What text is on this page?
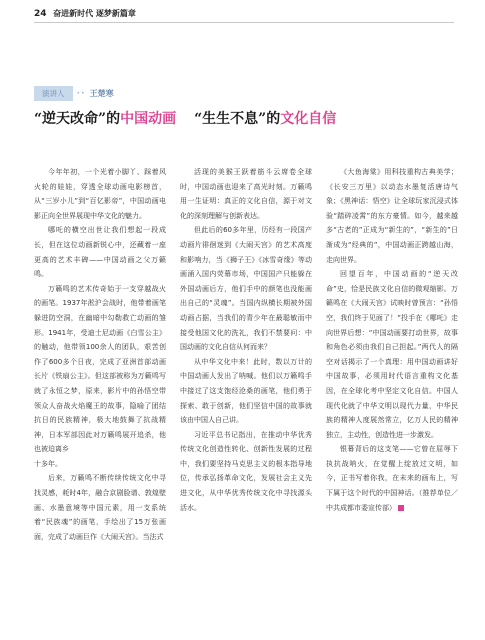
24 奋进新时代 逐梦新篇章
演讲人	•• 王楚寒
“逆天改命”的中国动画 “生生不息”的文化自信

今年年初，一个光着小脚丫、踩着风火轮的娃娃，穿透全球动画电影榜首，从“三岁小儿”到“百亿影帝”，中国动画电影正向全世界展现中华文化的魅力。

哪吒的横空出世让我们想起一段成长，但在这位动画新锐心中，还藏着一座更高的艺术丰碑——中国动画之父万籁鸣。

万籁鸣的艺术传奇始于一支穿越战火的画笔。1937年淞沪会战时，他带着画笔躲进防空洞，在幽暗中勾勒救亡动画的雏形。1941年，受迪士尼动画《白雪公主》的触动，他带领100余人的团队，艰苦创作了600多个日夜，完成了亚洲首部动画长片《铁扇公主》。但这部被称为万籁鸣写就了永恒之梦，原来，影片中的孙悟空带领众人奋战火焰魔王的故事，隐喻了团结抗日的民族精神，极大地鼓舞了抗战精神，日本军部因此对万籁鸣展开追杀，他也被迫离乡

十多年。

后来，万籁鸣不断传续传统文化中寻找灵感，耗时4年，融合京剧脸谱、敦煌壁画、水墨意境等中国元素，用一支系统着“民族魂”的画笔，手绘出了15万张画面，完成了动画巨作《大闹天宫》。当法式

活现的美猴王跃着筋斗云席卷全球时，中国动画也迎来了高光时刻。万籁鸣用一生证明：真正的文化自信，源于对文化的深刻理解与创新表达。

但此后的60多年里，历经有一段国产动画片徘徊迷到《大闹天宫》的艺术高度和影响力，当《狮子王》《冰雪奇缘》等动画涌入国内荧幕市场，中国国产只能躲在外国动画后方，他们手中的颜笔也没能画出自己的“灵魂”。当国内纵横长期被外国动画占据，当我们的青少年在最聪敏而中接受他国文化的洗礼，我们不禁要问：中国动画的文化自信从何而来？

从中华文化中来！此时，数以万计的中国动画人发出了呐喊。他们以万籁鸣手中接过了这支饱经沧桑的画笔，他们勇于探索、敢于创新，他们坚信中国的故事就该由中国人自己讲。

习近平总书记指出，在推动中华优秀传统文化创造性转化、创新性发展的过程中，我们要坚持马克思主义的根本指导地位，传承弘扬革命文化，发展社会主义先进文化，从中华优秀传统文化中寻找源头活水。

《大鱼海棠》用科技重构古典美学；《长安三万里》以动态水墨复活唐诗气象；《黑神话：悟空》让全球玩家沉浸式体验“踏碎凌霄”的东方豪情。如今，越来越多“古老的”正成为“新生的”，“新生的”日渐成为“经典的”，中国动画正跨越山海，走向世界。

回望百年，中国动画的“逆天改命”史，恰是民族文化自信的微观缩影。万籁鸣在《大闹天宫》试映时曾预言：“孙悟空，我们终于见面了！”投手在《哪吒》走向世界后想：“中国动画要打动世界，故事和角色必须由我们自己担起。”两代人的隔空对话揭示了一个真理：用中国动画讲好中国故事，必须用时代语言重构文化基因，在全球化考中坚定文化自信。中国人现代化就了中华文明以现代力量，中华民族的精神人度展然常立，亿万人民的精神独立，主动性，创造性进一步激发。

银幕背后的这支笔——它曾在屈辱下执抗战呐火，在觉醒上绽放过文明，如今，正书写着你我，在未来的画布上，写下属于这个时代的中国神话。（推荐单位／中共成都市委宣传部）
